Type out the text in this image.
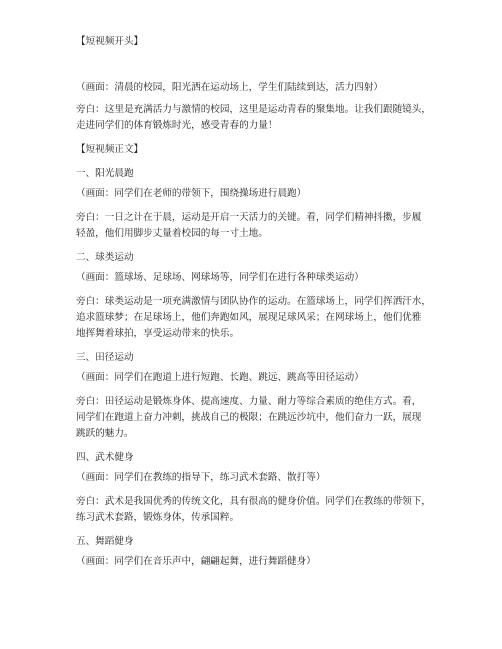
【短视频开头】

（画面：清晨的校园，阳光洒在运动场上，学生们陆续到达，活力四射）

旁白：这里是充满活力与激情的校园，这里是运动青春的聚集地。让我们跟随镜头，

走进同学们的体育锻炼时光，感受青春的力量！

【短视频正文】

一、阳光晨跑

（画面：同学们在老师的带领下，围绕操场进行晨跑）

旁白：一日之计在于晨，运动是开启一天活力的关键。看，同学们精神抖擞，步履

轻盈，他们用脚步丈量着校园的每一寸土地。

二、球类运动

（画面：篮球场、足球场、网球场等，同学们在进行各种球类运动）

旁白：球类运动是一项充满激情与团队协作的运动。在篮球场上，同学们挥洒汗水，

追求篮球梦；在足球场上，他们奔跑如风，展现足球风采；在网球场上，他们优雅

地挥舞着球拍，享受运动带来的快乐。

三、田径运动

（画面：同学们在跑道上进行短跑、长跑、跳远、跳高等田径运动）

旁白：田径运动是锻炼身体、提高速度、力量、耐力等综合素质的绝佳方式。看，

同学们在跑道上奋力冲刺，挑战自己的极限；在跳远沙坑中，他们奋力一跃，展现

跳跃的魅力。

四、武术健身

（画面：同学们在教练的指导下，练习武术套路、散打等）

旁白：武术是我国优秀的传统文化，具有很高的健身价值。同学们在教练的带领下，

练习武术套路，锻炼身体，传承国粹。

五、舞蹈健身

（画面：同学们在音乐声中，翩翩起舞，进行舞蹈健身）
